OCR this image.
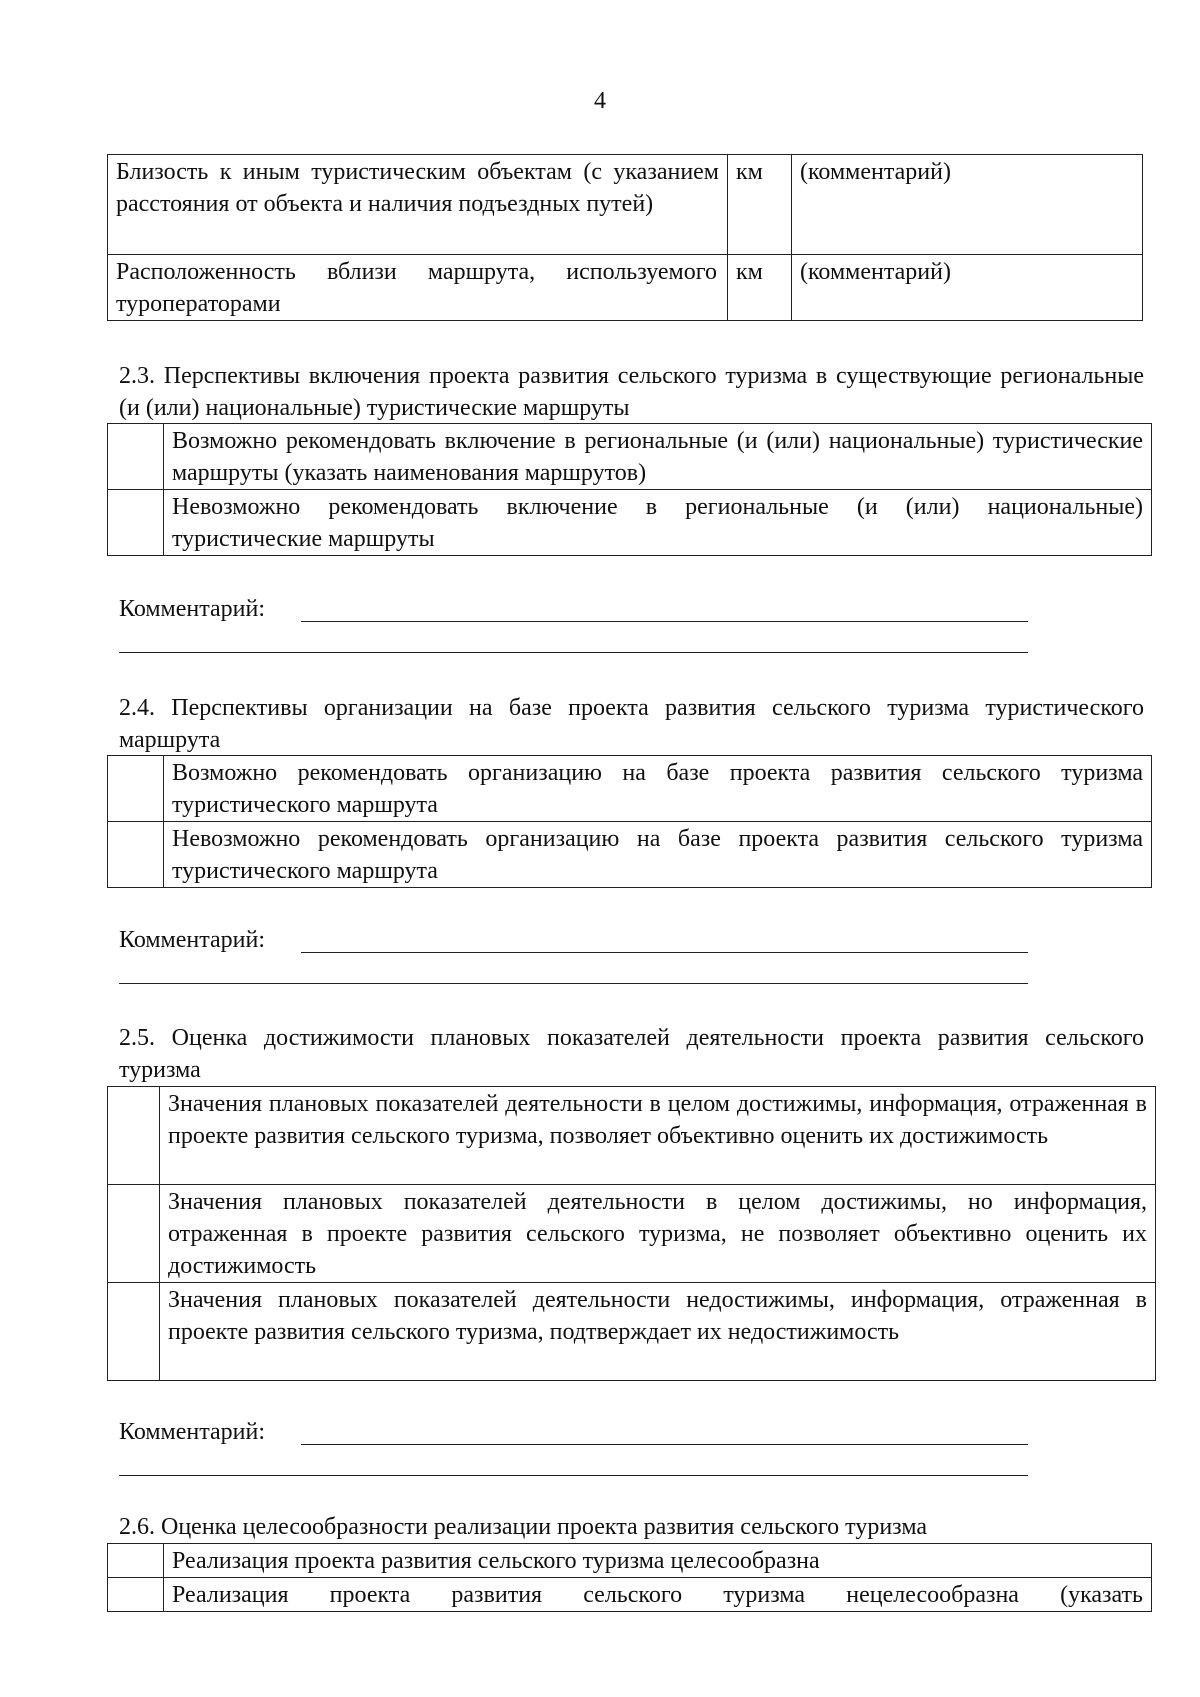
4
Близость к иным туристическим объектам (с указанием расстояния от объекта и наличия подъездных путей)	км	(комментарий)
Расположенность вблизи маршрута, используемого туроператорами	км	(комментарий)
2.3. Перспективы включения проекта развития сельского туризма в существующие региональные (и (или) национальные) туристические маршруты
	Возможно рекомендовать включение в региональные (и (или) национальные) туристические маршруты (указать наименования маршрутов)
	Невозможно рекомендовать включение в региональные (и (или) национальные) туристические маршруты
Комментарий:
2.4. Перспективы организации на базе проекта развития сельского туризма туристического маршрута
	Возможно рекомендовать организацию на базе проекта развития сельского туризма туристического маршрута
	Невозможно рекомендовать организацию на базе проекта развития сельского туризма туристического маршрута
Комментарий:
2.5. Оценка достижимости плановых показателей деятельности проекта развития сельского туризма
	Значения плановых показателей деятельности в целом достижимы, информация, отраженная в проекте развития сельского туризма, позволяет объективно оценить их достижимость
	Значения плановых показателей деятельности в целом достижимы, но информация, отраженная в проекте развития сельского туризма, не позволяет объективно оценить их достижимость
	Значения плановых показателей деятельности недостижимы, информация, отраженная в проекте развития сельского туризма, подтверждает их недостижимость
Комментарий:
2.6. Оценка целесообразности реализации проекта развития сельского туризма
	Реализация проекта развития сельского туризма целесообразна
	Реализация проекта развития сельского туризма нецелесообразна (указать
